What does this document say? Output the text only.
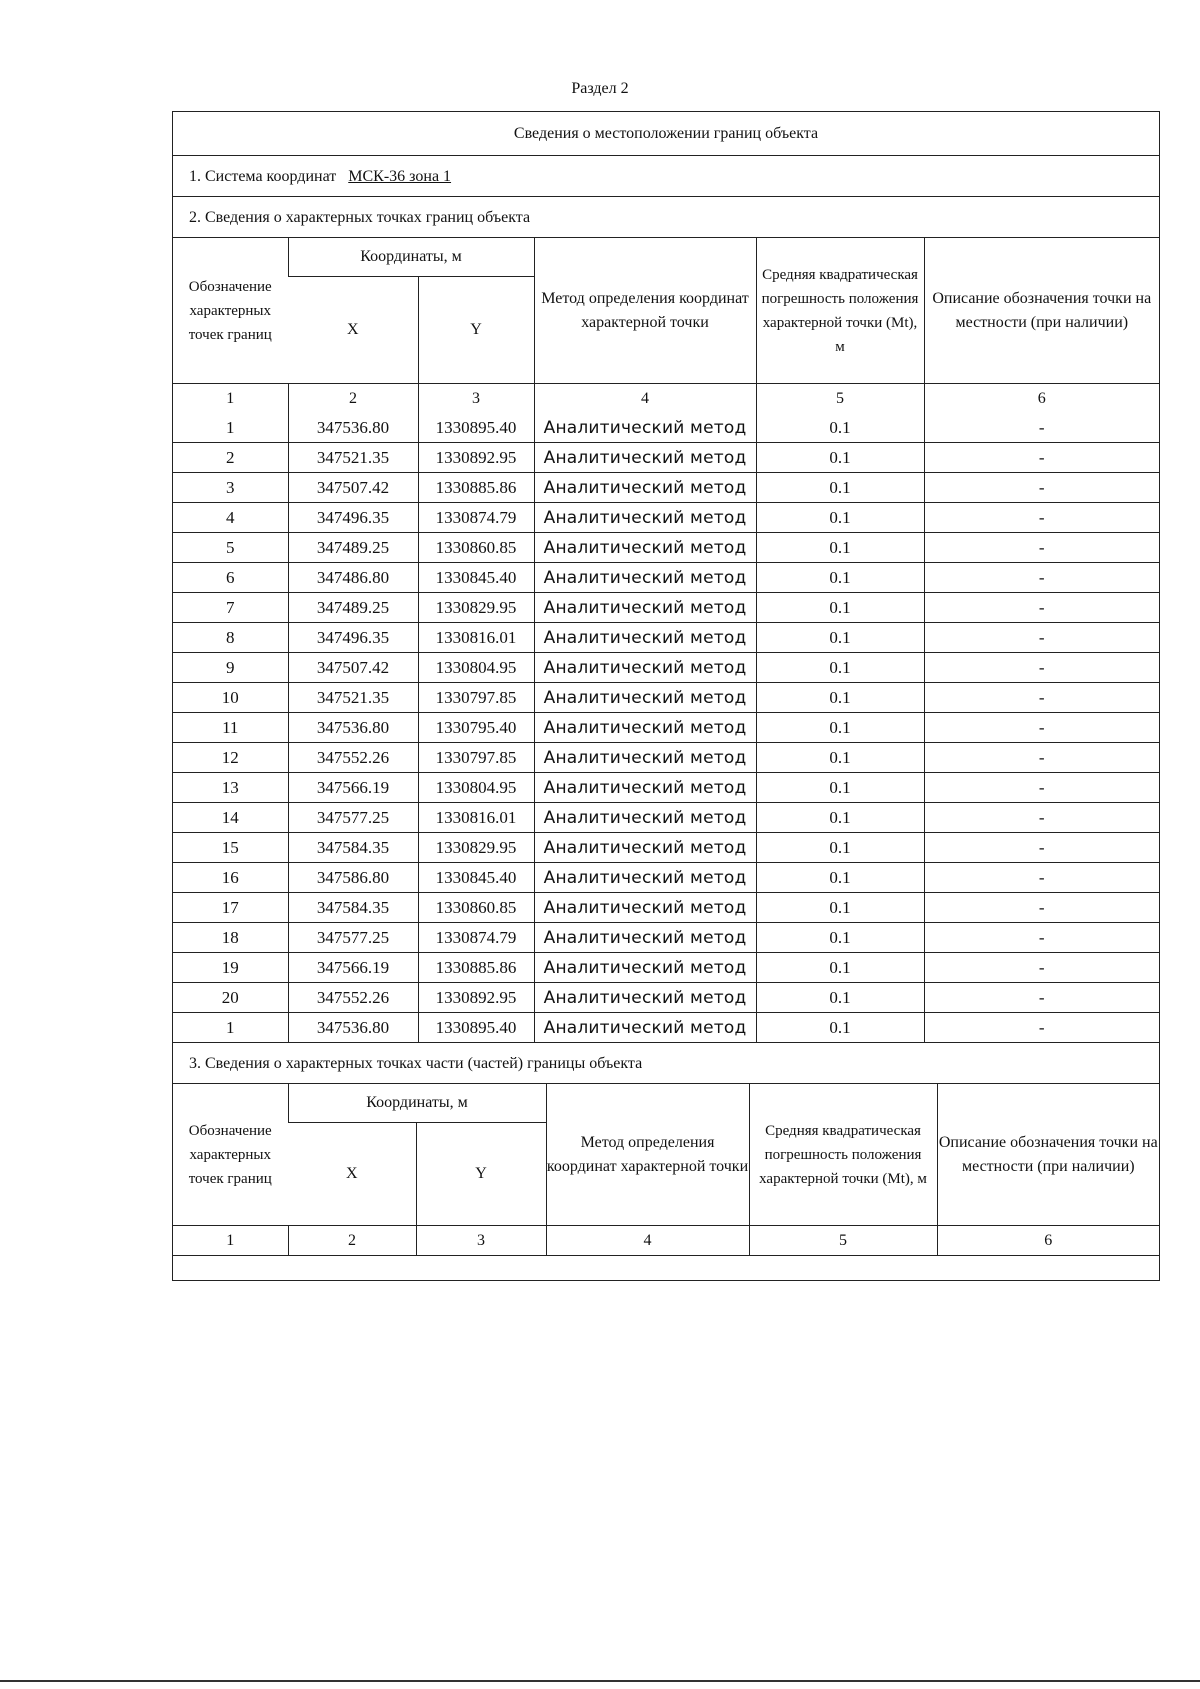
Раздел 2
Сведения о местоположении границ объекта
1. Система координат МСК-36 зона 1
2. Сведения о характерных точках границ объекта
Обозначение характерных точек границ	Координаты, м		Метод определения координат характерной точки	Средняя квадратическая погрешность положения характерной точки (Mt), м	Описание обозначения точки на местности (при наличии)
	X	Y			
1	2	3	4	5	6
1	347536.80	1330895.40	Аналитический метод	0.1	-
2	347521.35	1330892.95	Аналитический метод	0.1	-
3	347507.42	1330885.86	Аналитический метод	0.1	-
4	347496.35	1330874.79	Аналитический метод	0.1	-
5	347489.25	1330860.85	Аналитический метод	0.1	-
6	347486.80	1330845.40	Аналитический метод	0.1	-
7	347489.25	1330829.95	Аналитический метод	0.1	-
8	347496.35	1330816.01	Аналитический метод	0.1	-
9	347507.42	1330804.95	Аналитический метод	0.1	-
10	347521.35	1330797.85	Аналитический метод	0.1	-
11	347536.80	1330795.40	Аналитический метод	0.1	-
12	347552.26	1330797.85	Аналитический метод	0.1	-
13	347566.19	1330804.95	Аналитический метод	0.1	-
14	347577.25	1330816.01	Аналитический метод	0.1	-
15	347584.35	1330829.95	Аналитический метод	0.1	-
16	347586.80	1330845.40	Аналитический метод	0.1	-
17	347584.35	1330860.85	Аналитический метод	0.1	-
18	347577.25	1330874.79	Аналитический метод	0.1	-
19	347566.19	1330885.86	Аналитический метод	0.1	-
20	347552.26	1330892.95	Аналитический метод	0.1	-
1	347536.80	1330895.40	Аналитический метод	0.1	-
3. Сведения о характерных точках части (частей) границы объекта
Обозначение характерных точек границ	Координаты, м		Метод определения координат характерной точки	Средняя квадратическая погрешность положения характерной точки (Mt), м	Описание обозначения точки на местности (при наличии)
	X	Y			
1	2	3	4	5	6
